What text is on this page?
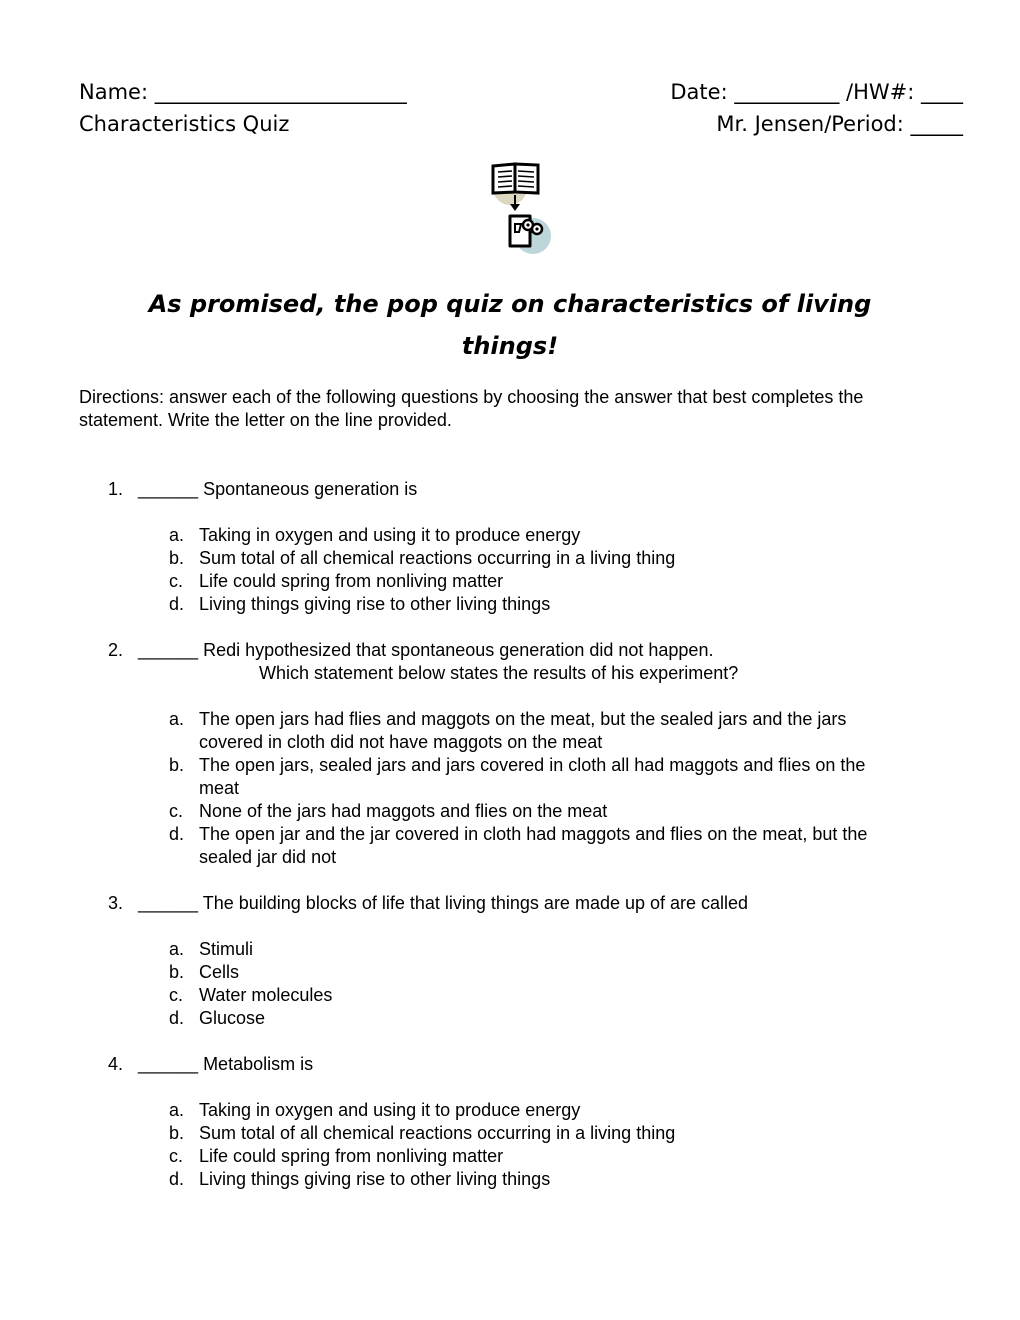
Name: ________________________	Date: __________ /HW#: ____
Characteristics Quiz	Mr. Jensen/Period: _____
As promised, the pop quiz on characteristics of living
things!
Directions: answer each of the following questions by choosing the answer that best completes the
statement. Write the letter on the line provided.
1. ______ Spontaneous generation is
a. Taking in oxygen and using it to produce energy
b. Sum total of all chemical reactions occurring in a living thing
c. Life could spring from nonliving matter
d. Living things giving rise to other living things
2. ______ Redi hypothesized that spontaneous generation did not happen.
Which statement below states the results of his experiment?
a. The open jars had flies and maggots on the meat, but the sealed jars and the jars
covered in cloth did not have maggots on the meat
b. The open jars, sealed jars and jars covered in cloth all had maggots and flies on the
meat
c. None of the jars had maggots and flies on the meat
d. The open jar and the jar covered in cloth had maggots and flies on the meat, but the
sealed jar did not
3. ______ The building blocks of life that living things are made up of are called
a. Stimuli
b. Cells
c. Water molecules
d. Glucose
4. ______ Metabolism is
a. Taking in oxygen and using it to produce energy
b. Sum total of all chemical reactions occurring in a living thing
c. Life could spring from nonliving matter
d. Living things giving rise to other living things
